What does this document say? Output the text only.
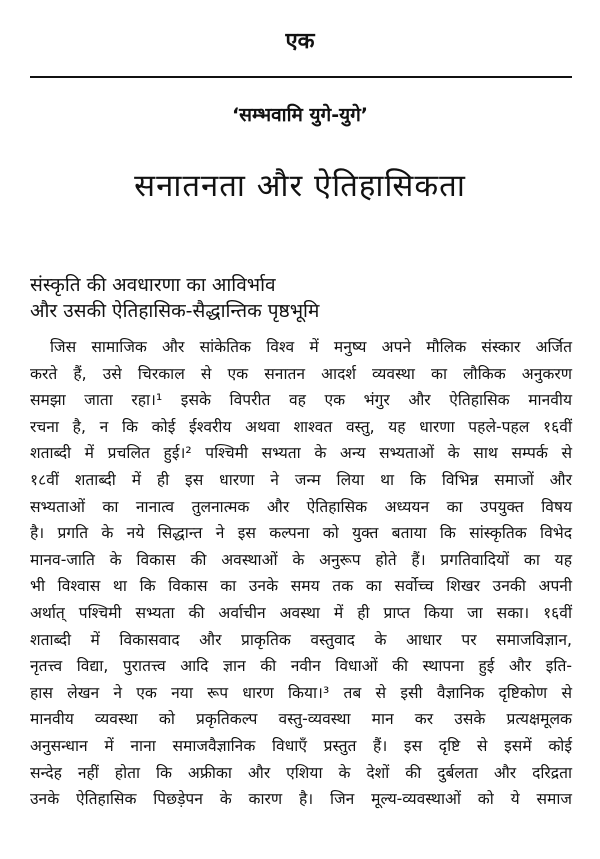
एक
‘सम्भवामि युगे-युगे’
सनातनता और ऐतिहासिकता
संस्कृति की अवधारणा का आविर्भाव
और उसकी ऐतिहासिक-सैद्धान्तिक पृष्ठभूमि
जिस सामाजिक और सांकेतिक विश्व में मनुष्य अपने मौलिक संस्कार अर्जित
करते हैं, उसे चिरकाल से एक सनातन आदर्श व्यवस्था का लौकिक अनुकरण
समझा जाता रहा।¹ इसके विपरीत वह एक भंगुर और ऐतिहासिक मानवीय
रचना है, न कि कोई ईश्वरीय अथवा शाश्वत वस्तु, यह धारणा पहले-पहल १६वीं
शताब्दी में प्रचलित हुई।² पश्चिमी सभ्यता के अन्य सभ्यताओं के साथ सम्पर्क से
१८वीं शताब्दी में ही इस धारणा ने जन्म लिया था कि विभिन्न समाजों और
सभ्यताओं का नानात्व तुलनात्मक और ऐतिहासिक अध्ययन का उपयुक्त विषय
है। प्रगति के नये सिद्धान्त ने इस कल्पना को युक्त बताया कि सांस्कृतिक विभेद
मानव-जाति के विकास की अवस्थाओं के अनुरूप होते हैं। प्रगतिवादियों का यह
भी विश्वास था कि विकास का उनके समय तक का सर्वोच्च शिखर उनकी अपनी
अर्थात् पश्चिमी सभ्यता की अर्वाचीन अवस्था में ही प्राप्त किया जा सका। १६वीं
शताब्दी में विकासवाद और प्राकृतिक वस्तुवाद के आधार पर समाजविज्ञान,
नृतत्त्व विद्या, पुरातत्त्व आदि ज्ञान की नवीन विधाओं की स्थापना हुई और इति-
हास लेखन ने एक नया रूप धारण किया।³ तब से इसी वैज्ञानिक दृष्टिकोण से
मानवीय व्यवस्था को प्रकृतिकल्प वस्तु-व्यवस्था मान कर उसके प्रत्यक्षमूलक
अनुसन्धान में नाना समाजवैज्ञानिक विधाएँ प्रस्तुत हैं। इस दृष्टि से इसमें कोई
सन्देह नहीं होता कि अफ्रीका और एशिया के देशों की दुर्बलता और दरिद्रता
उनके ऐतिहासिक पिछड़ेपन के कारण है। जिन मूल्य-व्यवस्थाओं को ये समाज
